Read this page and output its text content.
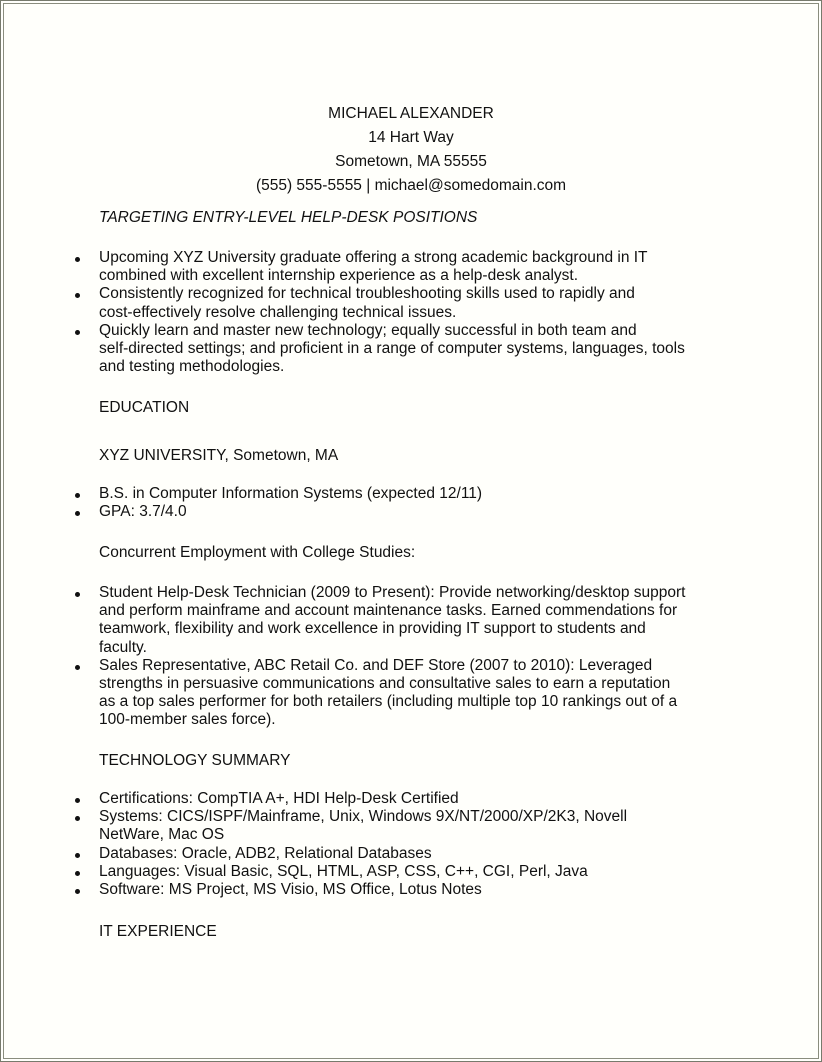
MICHAEL ALEXANDER
14 Hart Way
Sometown, MA 55555
(555) 555-5555 | michael@somedomain.com
TARGETING ENTRY-LEVEL HELP-DESK POSITIONS
Upcoming XYZ University graduate offering a strong academic background in IT
combined with excellent internship experience as a help-desk analyst.
Consistently recognized for technical troubleshooting skills used to rapidly and
cost-effectively resolve challenging technical issues.
Quickly learn and master new technology; equally successful in both team and
self-directed settings; and proficient in a range of computer systems, languages, tools
and testing methodologies.
EDUCATION
XYZ UNIVERSITY, Sometown, MA
B.S. in Computer Information Systems (expected 12/11)
GPA: 3.7/4.0
Concurrent Employment with College Studies:
Student Help-Desk Technician (2009 to Present): Provide networking/desktop support
and perform mainframe and account maintenance tasks. Earned commendations for
teamwork, flexibility and work excellence in providing IT support to students and
faculty.
Sales Representative, ABC Retail Co. and DEF Store (2007 to 2010): Leveraged
strengths in persuasive communications and consultative sales to earn a reputation
as a top sales performer for both retailers (including multiple top 10 rankings out of a
100-member sales force).
TECHNOLOGY SUMMARY
Certifications: CompTIA A+, HDI Help-Desk Certified
Systems: CICS/ISPF/Mainframe, Unix, Windows 9X/NT/2000/XP/2K3, Novell
NetWare, Mac OS
Databases: Oracle, ADB2, Relational Databases
Languages: Visual Basic, SQL, HTML, ASP, CSS, C++, CGI, Perl, Java
Software: MS Project, MS Visio, MS Office, Lotus Notes
IT EXPERIENCE
